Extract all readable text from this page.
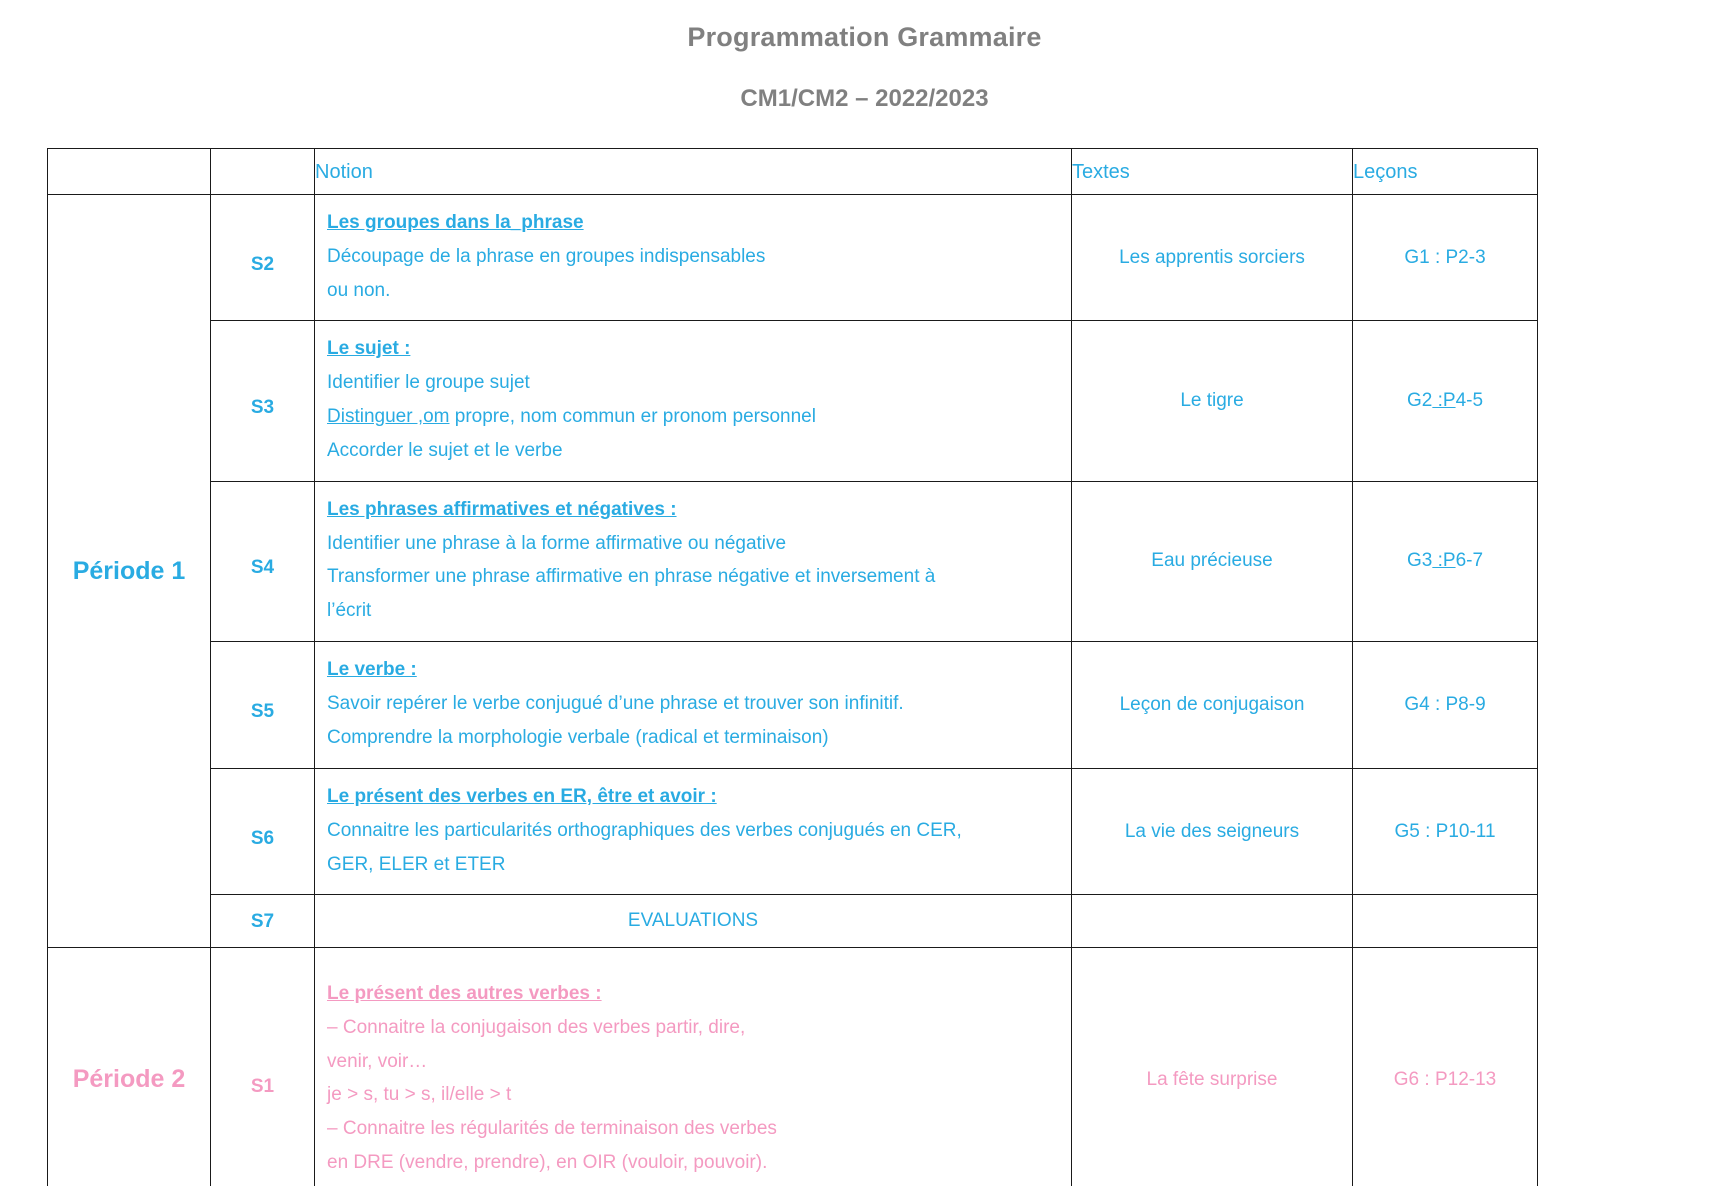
Programmation Grammaire
CM1/CM2 – 2022/2023
		Notion	Textes	Leçons
Période 1	S2	Les groupes dans la_phrase
Découpage de la phrase en groupes indispensables
ou non.	Les apprentis sorciers	G1 : P2-3
	S3	Le sujet :
Identifier le groupe sujet
Distinguer ,om propre, nom commun er pronom personnel
Accorder le sujet et le verbe	Le tigre	G2 :P4-5
	S4	Les phrases affirmatives et négatives :
Identifier une phrase à la forme affirmative ou négative
Transformer une phrase affirmative en phrase négative et inversement à
l’écrit	Eau précieuse	G3 :P6-7
	S5	Le verbe :
Savoir repérer le verbe conjugué d’une phrase et trouver son infinitif.
Comprendre la morphologie verbale (radical et terminaison)	Leçon de conjugaison	G4 : P8-9
	S6	Le présent des verbes en ER, être et avoir :
Connaitre les particularités orthographiques des verbes conjugués en CER,
GER, ELER et ETER	La vie des seigneurs	G5 : P10-11
	S7	EVALUATIONS		
Période 2	S1	
Le présent des autres verbes :
– Connaitre la conjugaison des verbes partir, dire,
venir, voir…
je > s, tu > s, il/elle > t
– Connaitre les régularités de terminaison des verbes
en DRE (vendre, prendre), en OIR (vouloir, pouvoir).
	La fête surprise	G6 : P12-13
